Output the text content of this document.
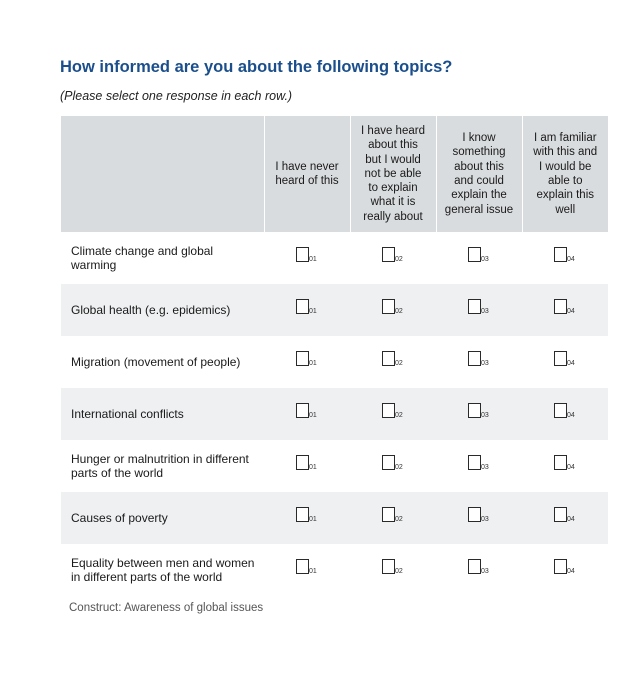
How informed are you about the following topics?
(Please select one response in each row.)
	I have never heard of this	I have heard about this but I would not be able to explain what it is really about	I know something about this and could explain the general issue	I am familiar with this and I would be able to explain this well
Climate change and global warming	01	02	03	04

Global health (e.g. epidemics)	01	02	03	04

Migration (movement of people)	01	02	03	04

International conflicts	01	02	03	04

Hunger or malnutrition in different parts of the world	01	02	03	04

Causes of poverty	01	02	03	04

Equality between men and women in different parts of the world	01	02	03	04
Construct: Awareness of global issues
